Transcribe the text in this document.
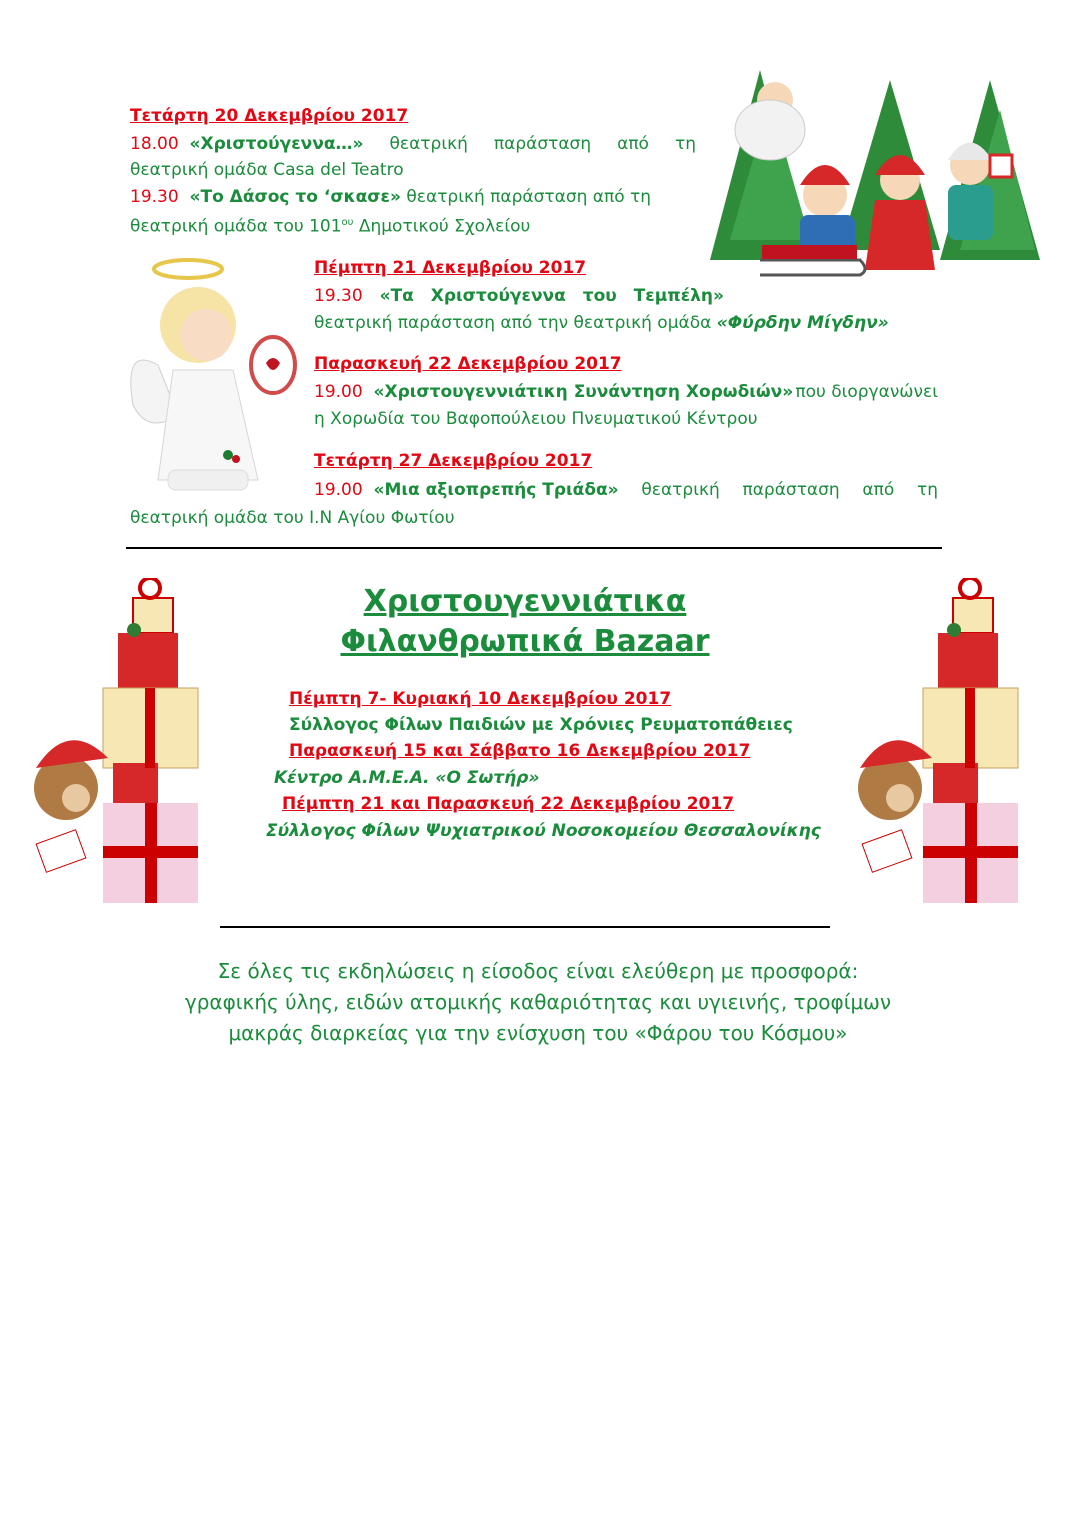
Τετάρτη 20 Δεκεμβρίου 2017
18.00 «Χριστούγεννα…» θεατρική παράσταση από τη
θεατρική ομάδα Casa del Teatro
19.30 «Το Δάσος το ‘σκασε» θεατρική παράσταση από τη
θεατρική ομάδα του $101^{o\upsilon}$ Δημοτικού Σχολείου
Πέμπτη 21 Δεκεμβρίου 2017
19.30 «Τα Χριστούγεννα του Τεμπέλη»
θεατρική παράσταση από την θεατρική ομάδα «Φύρδην Μίγδην»
Παρασκευή 22 Δεκεμβρίου 2017
19.00 «Χριστουγεννιάτικη Συνάντηση Χορωδιών» που διοργανώνει
η Χορωδία του Βαφοπούλειου Πνευματικού Κέντρου
Τετάρτη 27 Δεκεμβρίου 2017
19.00 «Μια αξιοπρεπής Τριάδα» θεατρική παράσταση από τη
θεατρική ομάδα του Ι.Ν Αγίου Φωτίου
Χριστουγεννιάτικα
Φιλανθρωπικά Bazaar
Πέμπτη 7- Κυριακή 10 Δεκεμβρίου 2017
Σύλλογος Φίλων Παιδιών με Χρόνιες Ρευματοπάθειες
Παρασκευή 15 και Σάββατο 16 Δεκεμβρίου 2017
Κέντρο Α.Μ.Ε.Α. «Ο Σωτήρ»
Πέμπτη 21 και Παρασκευή 22 Δεκεμβρίου 2017
Σύλλογος Φίλων Ψυχιατρικού Νοσοκομείου Θεσσαλονίκης
Σε όλες τις εκδηλώσεις η είσοδος είναι ελεύθερη με προσφορά:
γραφικής ύλης, ειδών ατομικής καθαριότητας και υγιεινής, τροφίμων
μακράς διαρκείας για την ενίσχυση του «Φάρου του Κόσμου»
